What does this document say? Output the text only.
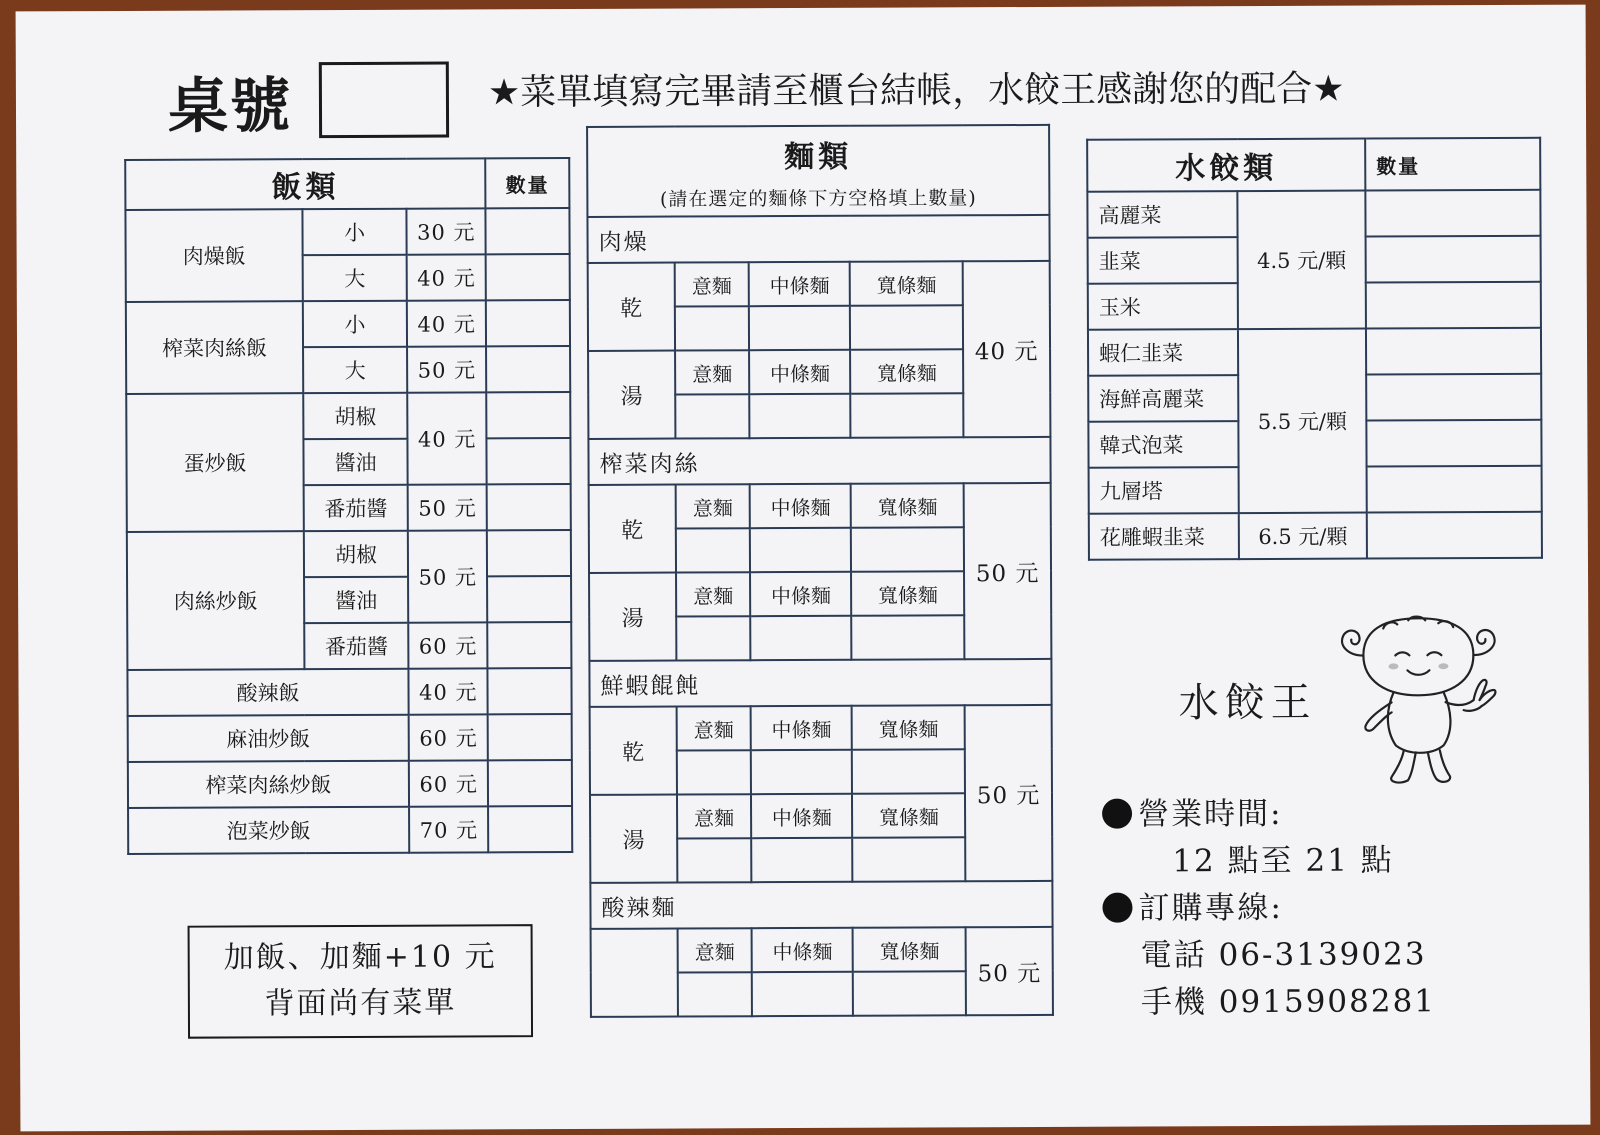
桌號	★菜單填寫完畢請至櫃台結帳，水餃王感謝您的配合★
飯類			數量
肉燥飯	小	30 元	
	大	40 元	
榨菜肉絲飯	小	40 元	
	大	50 元	
蛋炒飯	胡椒	40 元	
	醬油		
	番茄醬	50 元	
肉絲炒飯	胡椒	50 元	
	醬油		
	番茄醬	60 元	
酸辣飯		40 元	
麻油炒飯		60 元	
榨菜肉絲炒飯		60 元	
泡菜炒飯		70 元	
麵類
(請在選定的麵條下方空格填上數量)				

肉燥				
乾	意麵	中條麵	寬條麵	40 元

湯	意麵	中條麵	寬條麵	

榨菜肉絲				
乾	意麵	中條麵	寬條麵	50 元

湯	意麵	中條麵	寬條麵	

鮮蝦餛飩				
乾	意麵	中條麵	寬條麵	50 元

湯	意麵	中條麵	寬條麵	

酸辣麵				
	意麵	中條麵	寬條麵	50 元

水餃類		數量
高麗菜	4.5 元/顆	
韭菜		
玉米		
蝦仁韭菜	5.5 元/顆	
海鮮高麗菜		
韓式泡菜		
九層塔		
花雕蝦韭菜	6.5 元/顆	
加飯、加麵+10 元
背面尚有菜單
水餃王
營業時間:
12 點至 21 點
訂購專線:
電話 06-3139023
手機 0915908281
